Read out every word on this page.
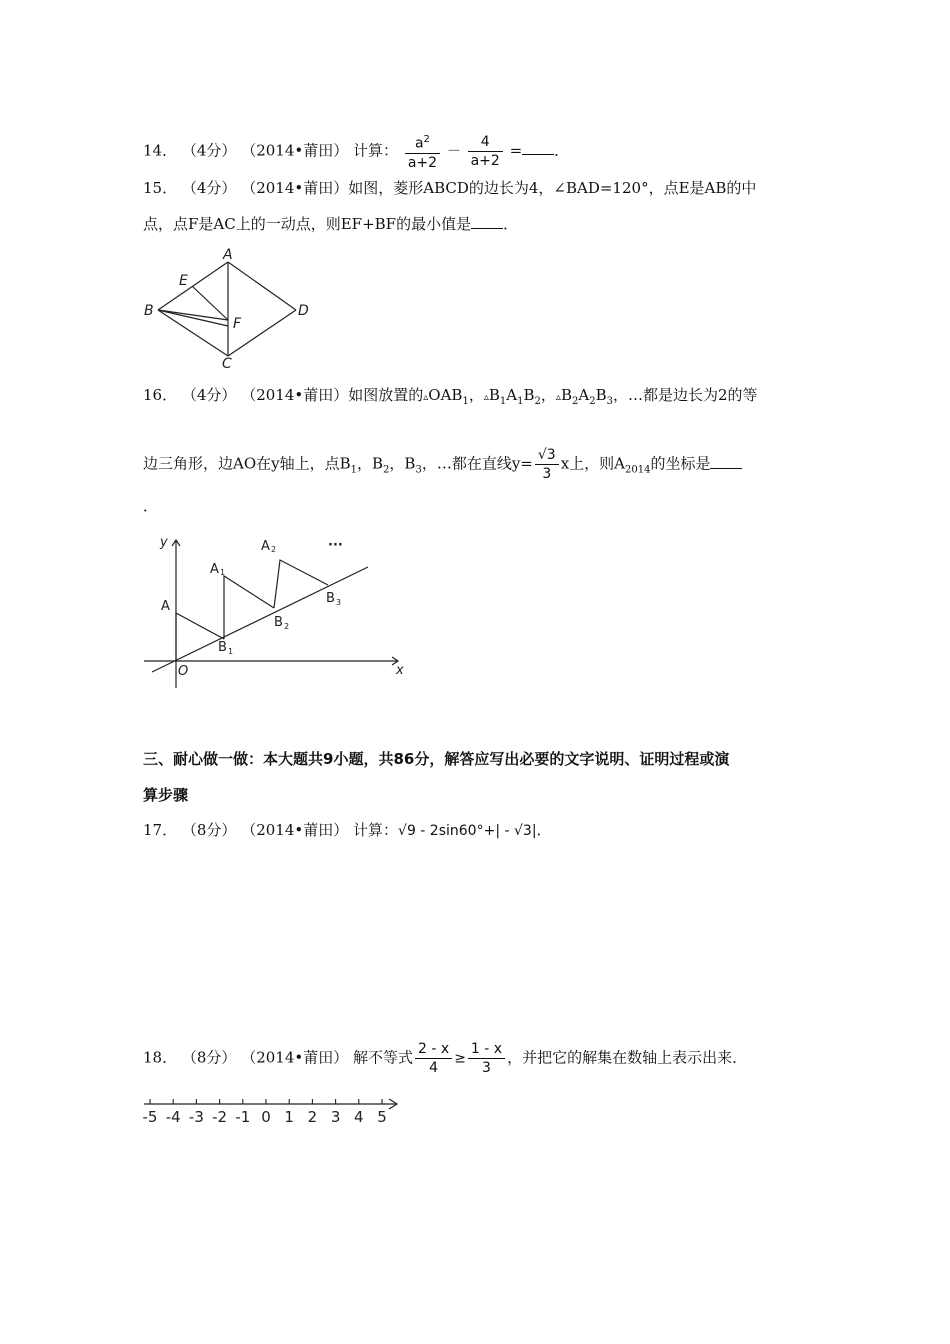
14． （4分） （2014•莆田） 计算： $\frac{a^2}{a+2} - \frac{4}{a+2}$ = ．
15． （4分） （2014•莆田）如图，菱形ABCD的边长为4，∠BAD=120°，点E是AB的中
点，点F是AC上的一动点，则EF+BF的最小值是 ．
A
B
C
D
E
F
16． （4分） （2014•莆田）如图放置的$▵OAB_1$，$▵B_1A_1B_2$，$▵B_2A_2B_3$，…都是边长为2的等
边三角形，边AO在y轴上，点$B_1$，$B_2$，$B_3$，…都在直线$y= \frac{√3}{3}$ x上，则$A_{2014}$的坐标是
．
y
x
O
A
A 1
A 2
B 1
B 2
B 3
···
三、耐心做一做：本大题共9小题，共86分，解答应写出必要的文字说明、证明过程或演
算步骤
17． （8分） （2014•莆田） 计算：√9 - 2sin60°+| - √3|．
18． （8分） （2014•莆田） 解不等式 $\frac{2 - x}{4} \ge \frac{1 - x}{3}$ ，并把它的解集在数轴上表示出来．
-5 -4 -3 -2 -1 0 1 2 3 4 5
